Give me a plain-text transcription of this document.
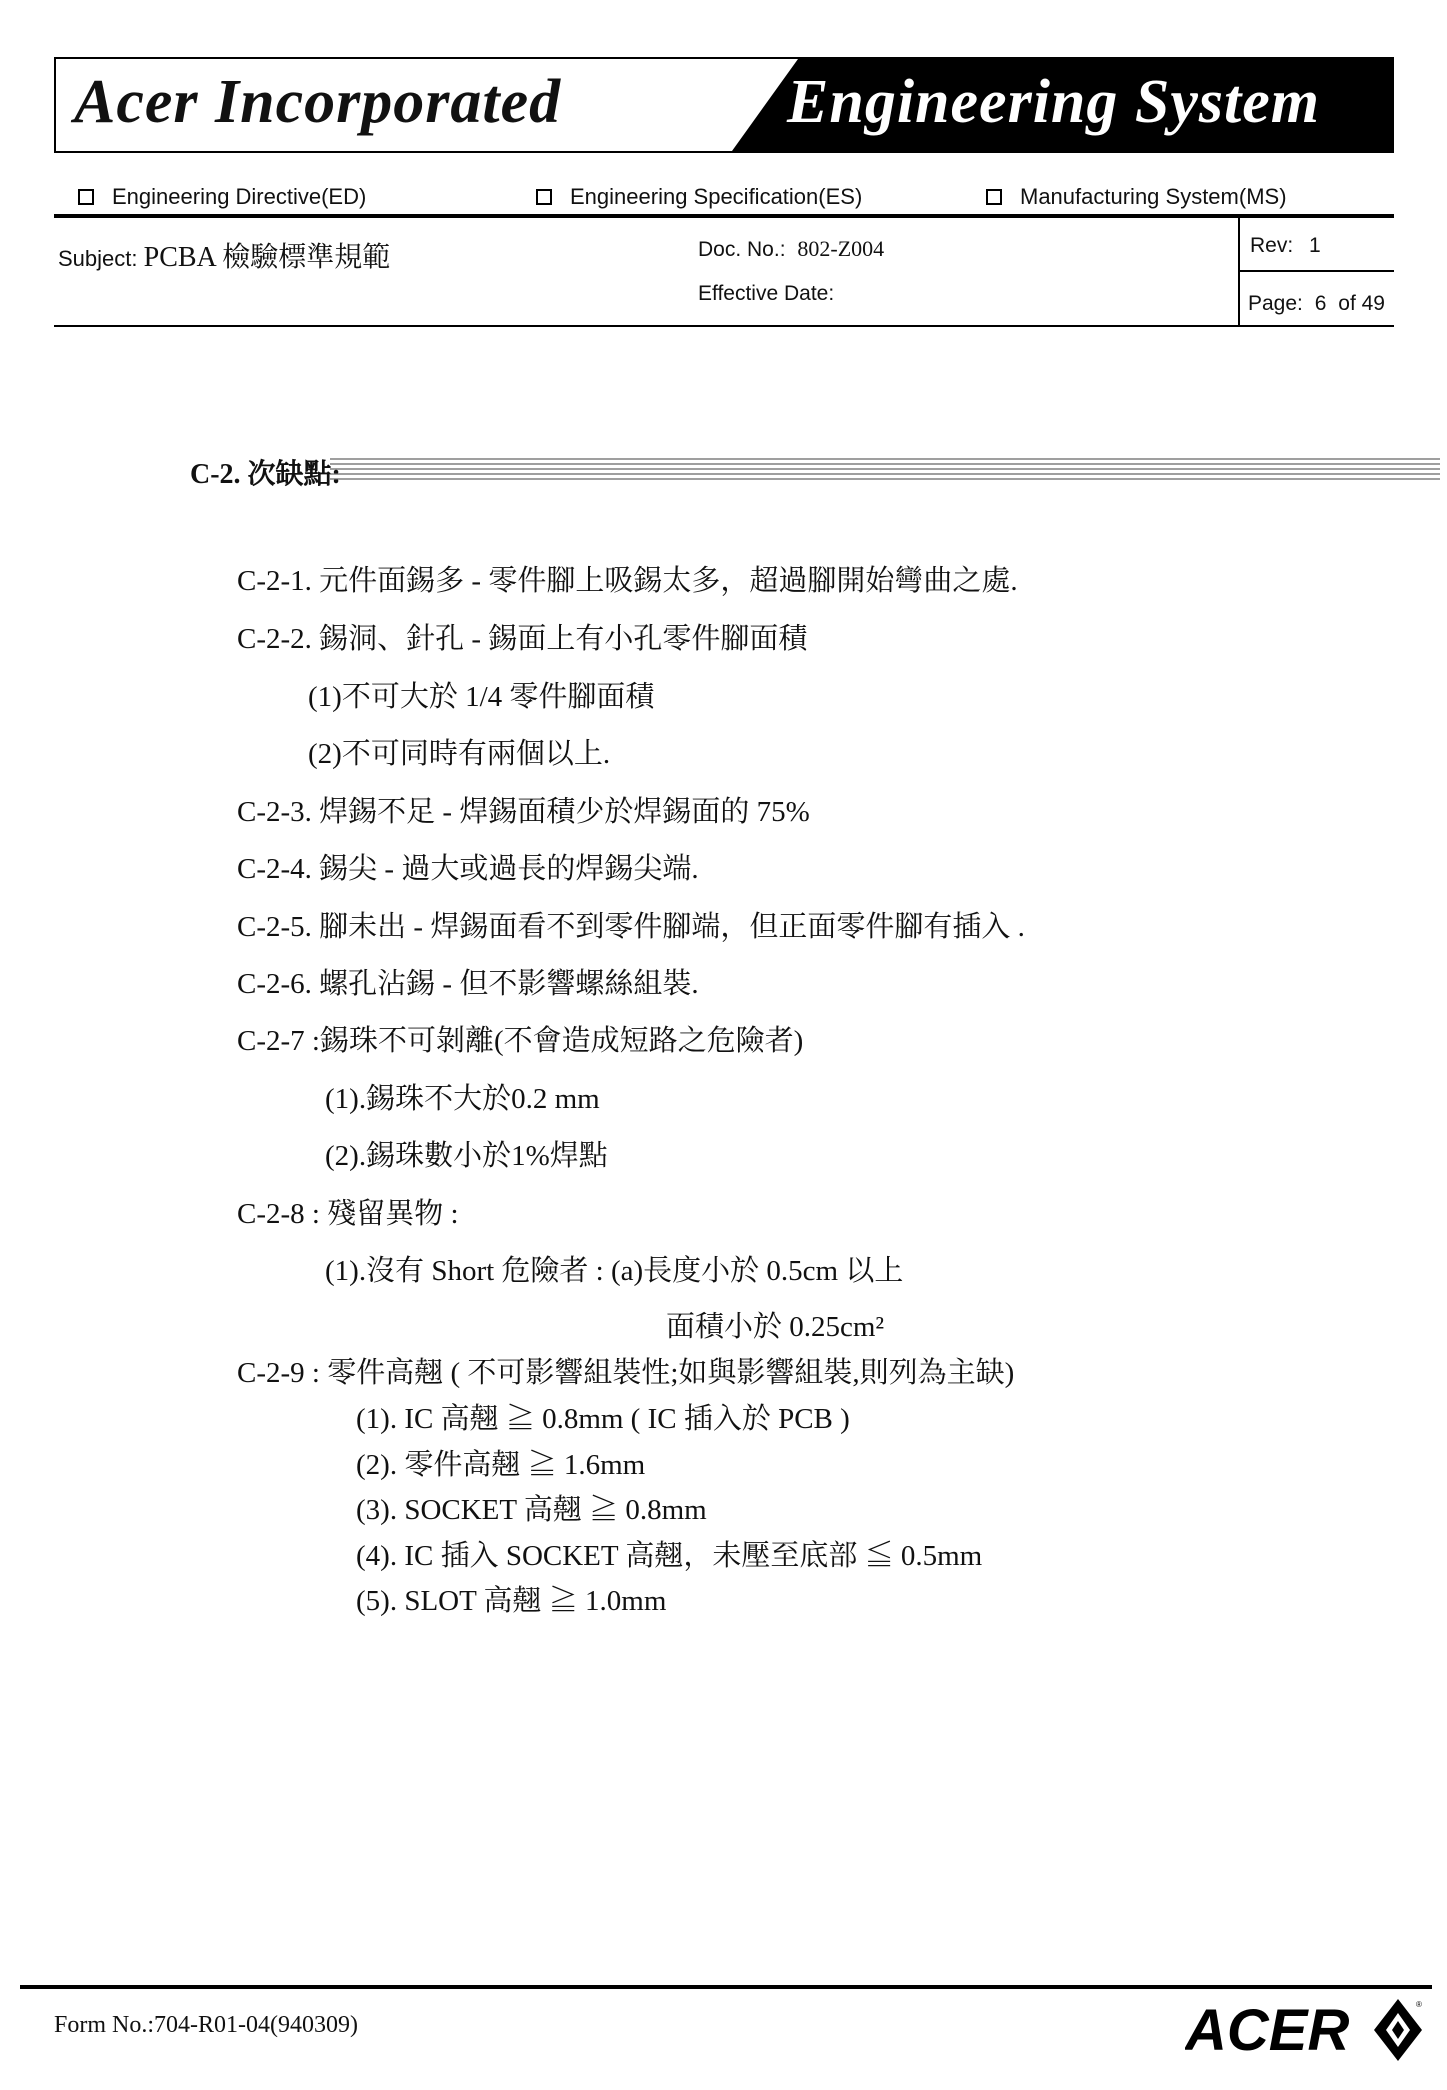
Acer Incorporated	Engineering System
Engineering Directive(ED)	Engineering Specification(ES)	Manufacturing System(MS)
Subject: PCBA 檢驗標準規範	Doc. No.: 802-Z004
Effective Date:
Rev: 1
Page: 6 of 49
C-2. 次缺點:
C-2-1. 元件面錫多 - 零件腳上吸錫太多，超過腳開始彎曲之處.
C-2-2. 錫洞、針孔 - 錫面上有小孔零件腳面積
(1)不可大於 1/4 零件腳面積
(2)不可同時有兩個以上.
C-2-3. 焊錫不足 - 焊錫面積少於焊錫面的 75%
C-2-4. 錫尖 - 過大或過長的焊錫尖端.
C-2-5. 腳未出 - 焊錫面看不到零件腳端，但正面零件腳有插入 .
C-2-6. 螺孔沾錫 - 但不影響螺絲組裝.
C-2-7 :錫珠不可剝離(不會造成短路之危險者)
(1).錫珠不大於0.2 mm
(2).錫珠數小於1%焊點
C-2-8 : 殘留異物 :
(1).沒有 Short 危險者 : (a)長度小於 0.5cm 以上
面積小於 0.25cm²
C-2-9 : 零件高翹 ( 不可影響組裝性;如與影響組裝,則列為主缺)
(1). IC 高翹 ≧ 0.8mm ( IC 插入於 PCB )
(2). 零件高翹 ≧ 1.6mm
(3). SOCKET 高翹 ≧ 0.8mm
(4). IC 插入 SOCKET 高翹，未壓至底部 ≦ 0.5mm
(5). SLOT 高翹 ≧ 1.0mm
Form No.:704-R01-04(940309)	ACER	®
